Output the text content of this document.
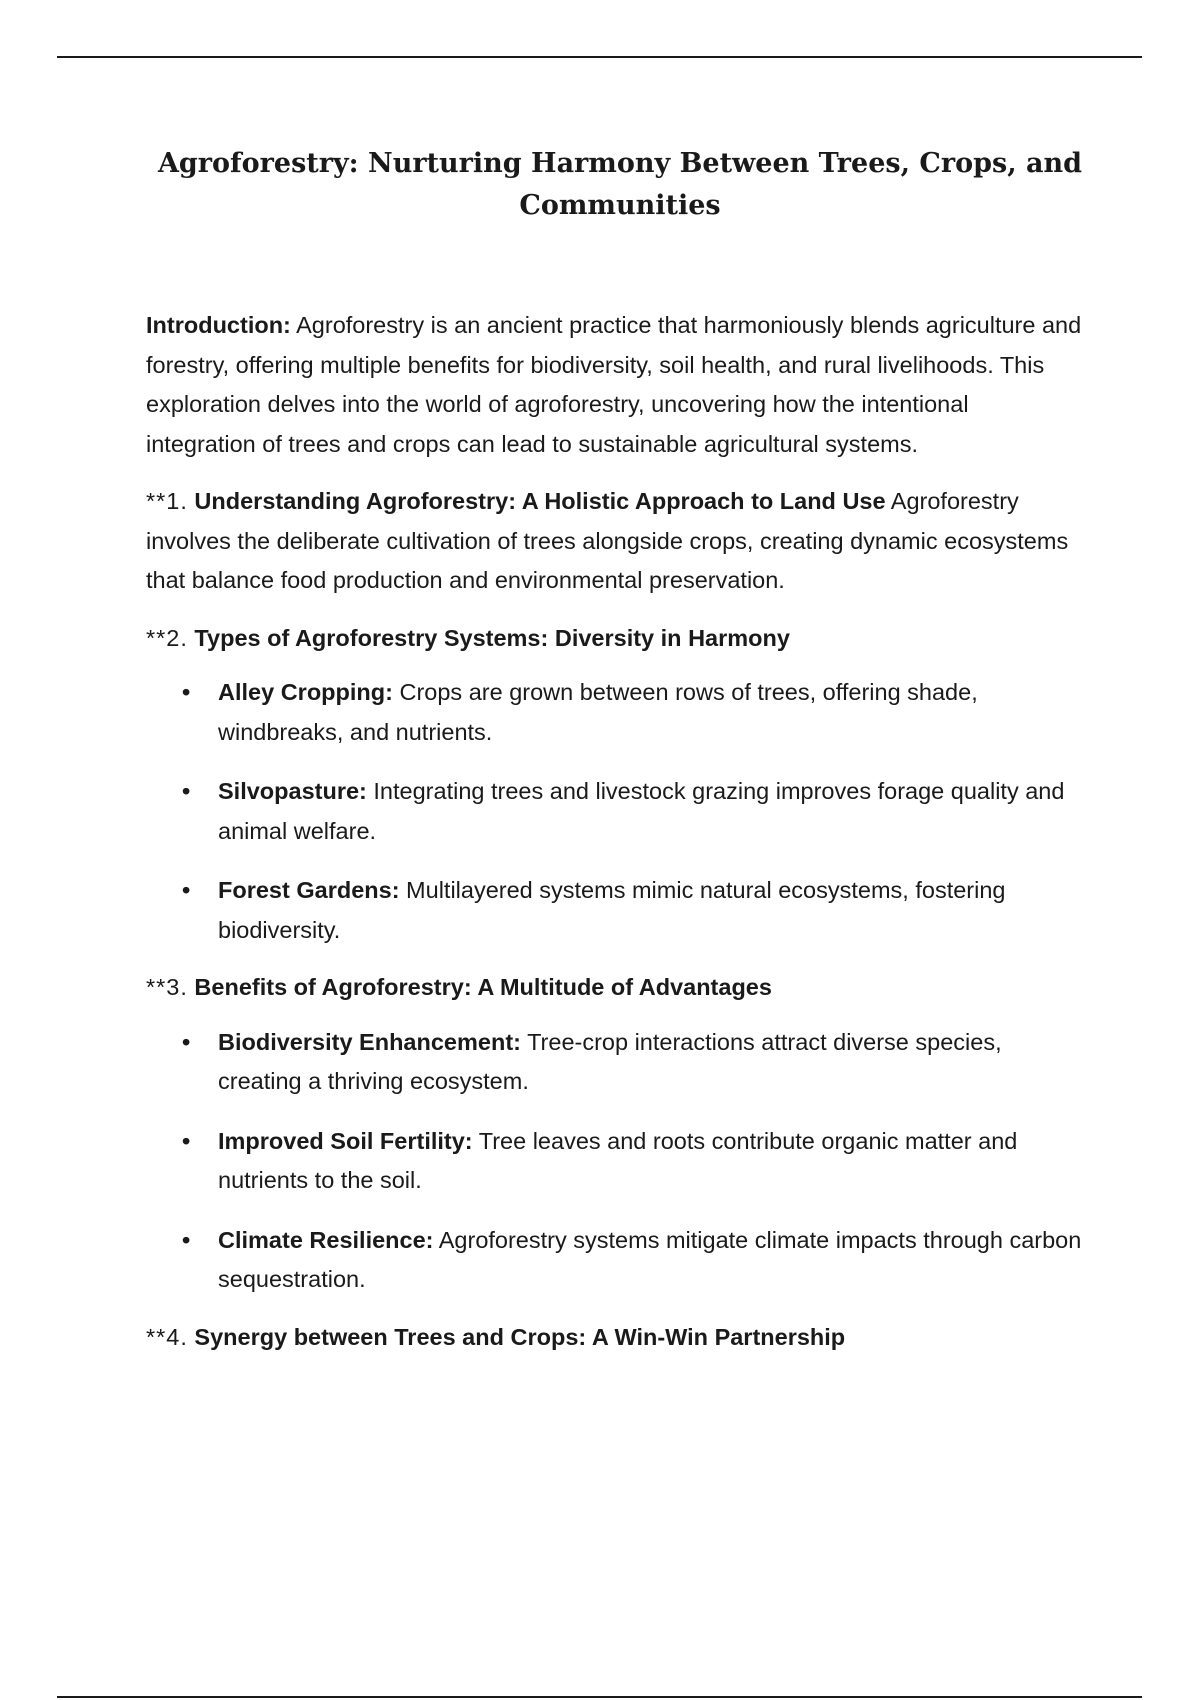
Agroforestry: Nurturing Harmony Between Trees, Crops, and Communities

Introduction: Agroforestry is an ancient practice that harmoniously blends agriculture and forestry, offering multiple benefits for biodiversity, soil health, and rural livelihoods. This exploration delves into the world of agroforestry, uncovering how the intentional integration of trees and crops can lead to sustainable agricultural systems.

**1. Understanding Agroforestry: A Holistic Approach to Land Use Agroforestry involves the deliberate cultivation of trees alongside crops, creating dynamic ecosystems that balance food production and environmental preservation.

**2. Types of Agroforestry Systems: Diversity in Harmony

• Alley Cropping: Crops are grown between rows of trees, offering shade, windbreaks, and nutrients.
• Silvopasture: Integrating trees and livestock grazing improves forage quality and animal welfare.
• Forest Gardens: Multilayered systems mimic natural ecosystems, fostering biodiversity.

**3. Benefits of Agroforestry: A Multitude of Advantages

• Biodiversity Enhancement: Tree-crop interactions attract diverse species, creating a thriving ecosystem.
• Improved Soil Fertility: Tree leaves and roots contribute organic matter and nutrients to the soil.
• Climate Resilience: Agroforestry systems mitigate climate impacts through carbon sequestration.

**4. Synergy between Trees and Crops: A Win-Win Partnership
